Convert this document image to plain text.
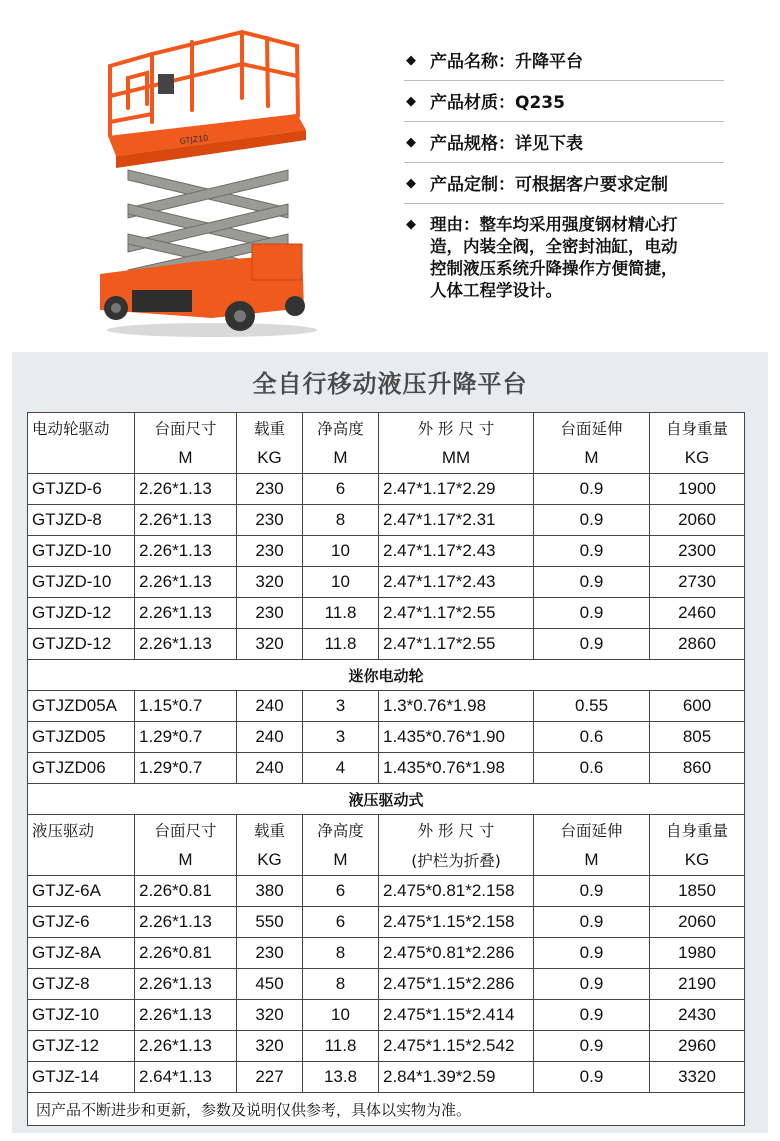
GTJZ10
◆ 产品名称：升降平台
◆ 产品材质：Q235
◆ 产品规格：详见下表
◆ 产品定制：可根据客户要求定制
◆ 理由：整车均采用强度钢材精心打
造，内装全阀，全密封油缸，电动
控制液压系统升降操作方便简捷，
人体工程学设计。
全自行移动液压升降平台
电动轮驱动	台面尺寸	载重	净高度	外 形 尺 寸	台面延伸	自身重量
	M	KG	M	MM	M	KG
GTJZD-6	2.26*1.13	230	6	2.47*1.17*2.29	0.9	1900
GTJZD-8	2.26*1.13	230	8	2.47*1.17*2.31	0.9	2060
GTJZD-10	2.26*1.13	230	10	2.47*1.17*2.43	0.9	2300
GTJZD-10	2.26*1.13	320	10	2.47*1.17*2.43	0.9	2730
GTJZD-12	2.26*1.13	230	11.8	2.47*1.17*2.55	0.9	2460
GTJZD-12	2.26*1.13	320	11.8	2.47*1.17*2.55	0.9	2860
迷你电动轮						
GTJZD05A	1.15*0.7	240	3	1.3*0.76*1.98	0.55	600
GTJZD05	1.29*0.7	240	3	1.435*0.76*1.90	0.6	805
GTJZD06	1.29*0.7	240	4	1.435*0.76*1.98	0.6	860
液压驱动式						
液压驱动	台面尺寸	载重	净高度	外 形 尺 寸	台面延伸	自身重量
	M	KG	M	(护栏为折叠)	M	KG
GTJZ-6A	2.26*0.81	380	6	2.475*0.81*2.158	0.9	1850
GTJZ-6	2.26*1.13	550	6	2.475*1.15*2.158	0.9	2060
GTJZ-8A	2.26*0.81	230	8	2.475*0.81*2.286	0.9	1980
GTJZ-8	2.26*1.13	450	8	2.475*1.15*2.286	0.9	2190
GTJZ-10	2.26*1.13	320	10	2.475*1.15*2.414	0.9	2430
GTJZ-12	2.26*1.13	320	11.8	2.475*1.15*2.542	0.9	2960
GTJZ-14	2.64*1.13	227	13.8	2.84*1.39*2.59	0.9	3320
因产品不断进步和更新，参数及说明仅供参考，具体以实物为准。						
